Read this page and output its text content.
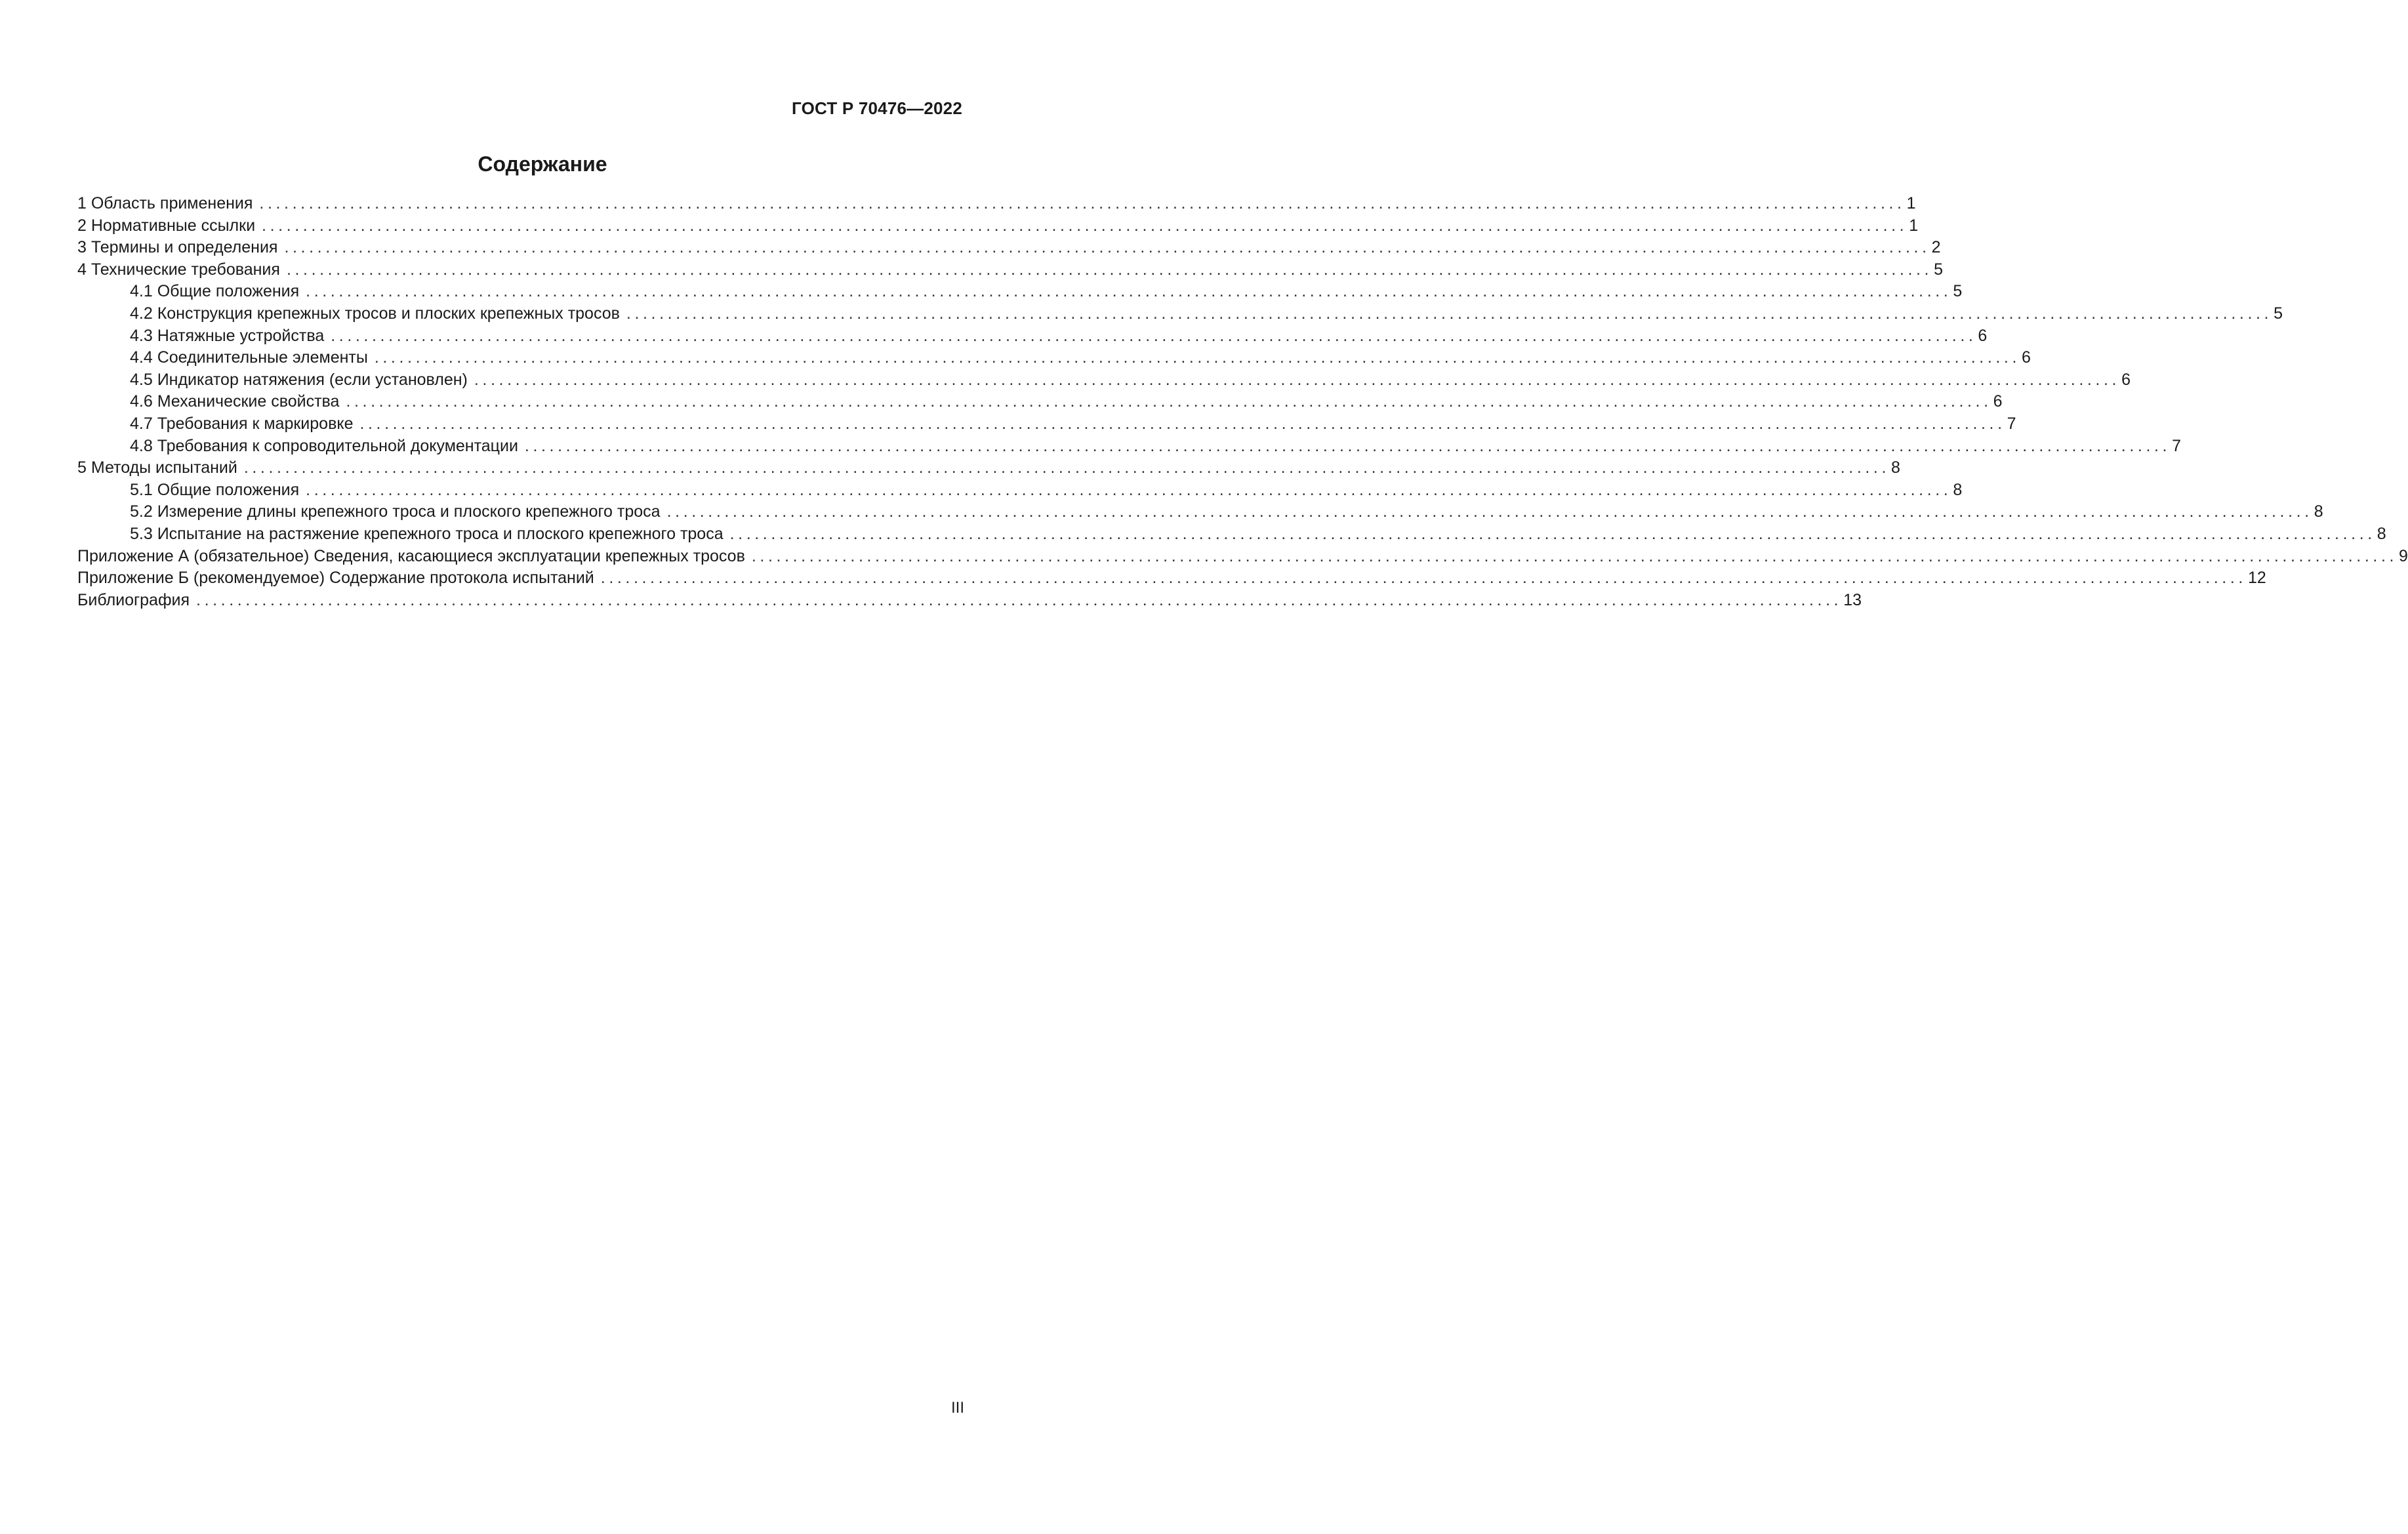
ГОСТ Р 70476—2022
Содержание
1 Область применения ........................................................................................................................................................................................................ 1
2 Нормативные ссылки ........................................................................................................................................................................................................ 1
3 Термины и определения ........................................................................................................................................................................................................ 2
4 Технические требования ........................................................................................................................................................................................................ 5
4.1 Общие положения ........................................................................................................................................................................................................ 5
4.2 Конструкция крепежных тросов и плоских крепежных тросов ........................................................................................................................................................................................................ 5
4.3 Натяжные устройства ........................................................................................................................................................................................................ 6
4.4 Соединительные элементы ........................................................................................................................................................................................................ 6
4.5 Индикатор натяжения (если установлен) ........................................................................................................................................................................................................ 6
4.6 Механические свойства ........................................................................................................................................................................................................ 6
4.7 Требования к маркировке ........................................................................................................................................................................................................ 7
4.8 Требования к сопроводительной документации ........................................................................................................................................................................................................ 7
5 Методы испытаний ........................................................................................................................................................................................................ 8
5.1 Общие положения ........................................................................................................................................................................................................ 8
5.2 Измерение длины крепежного троса и плоского крепежного троса ........................................................................................................................................................................................................ 8
5.3 Испытание на растяжение крепежного троса и плоского крепежного троса ........................................................................................................................................................................................................ 8
Приложение А (обязательное) Сведения, касающиеся эксплуатации крепежных тросов ........................................................................................................................................................................................................ 9
Приложение Б (рекомендуемое) Содержание протокола испытаний ........................................................................................................................................................................................................ 12
Библиография ........................................................................................................................................................................................................ 13
III
